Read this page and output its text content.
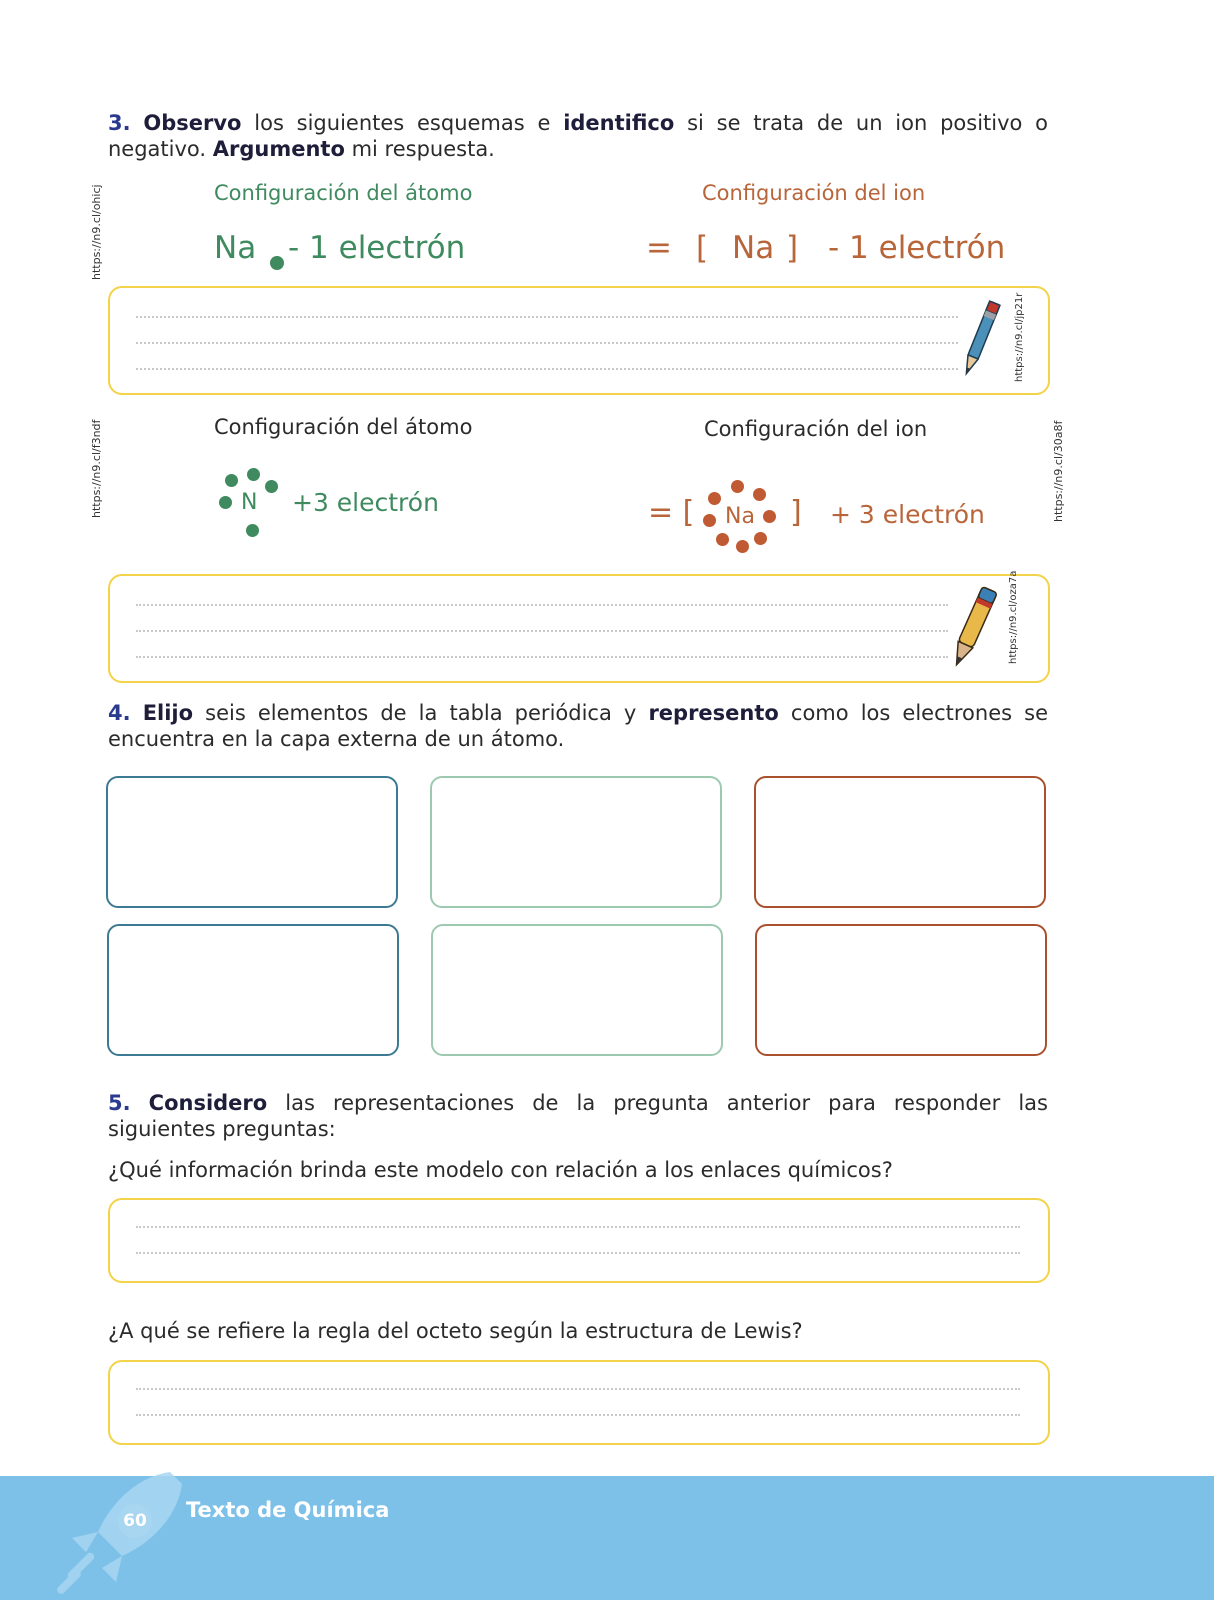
3. Observo los siguientes esquemas e identifico si se trata de un ion positivo o negativo. Argumento mi respuesta.
Configuración del átomo	Configuración del ion
Na - 1 electrón	= [ Na ] - 1 electrón
https://n9.cl/jp21r
Configuración del átomo	Configuración del ion
N +3 electrón	= [ Na ] + 3 electrón
https://n9.cl/oza7a
4. Elijo seis elementos de la tabla periódica y represento como los electrones se encuentra en la capa externa de un átomo.
5. Considero las representaciones de la pregunta anterior para responder las siguientes preguntas:
¿Qué información brinda este modelo con relación a los enlaces químicos?
¿A qué se refiere la regla del octeto según la estructura de Lewis?
https://n9.cl/ohicj
https://n9.cl/f3ndf	https://n9.cl/30a8f
60 Texto de Química
